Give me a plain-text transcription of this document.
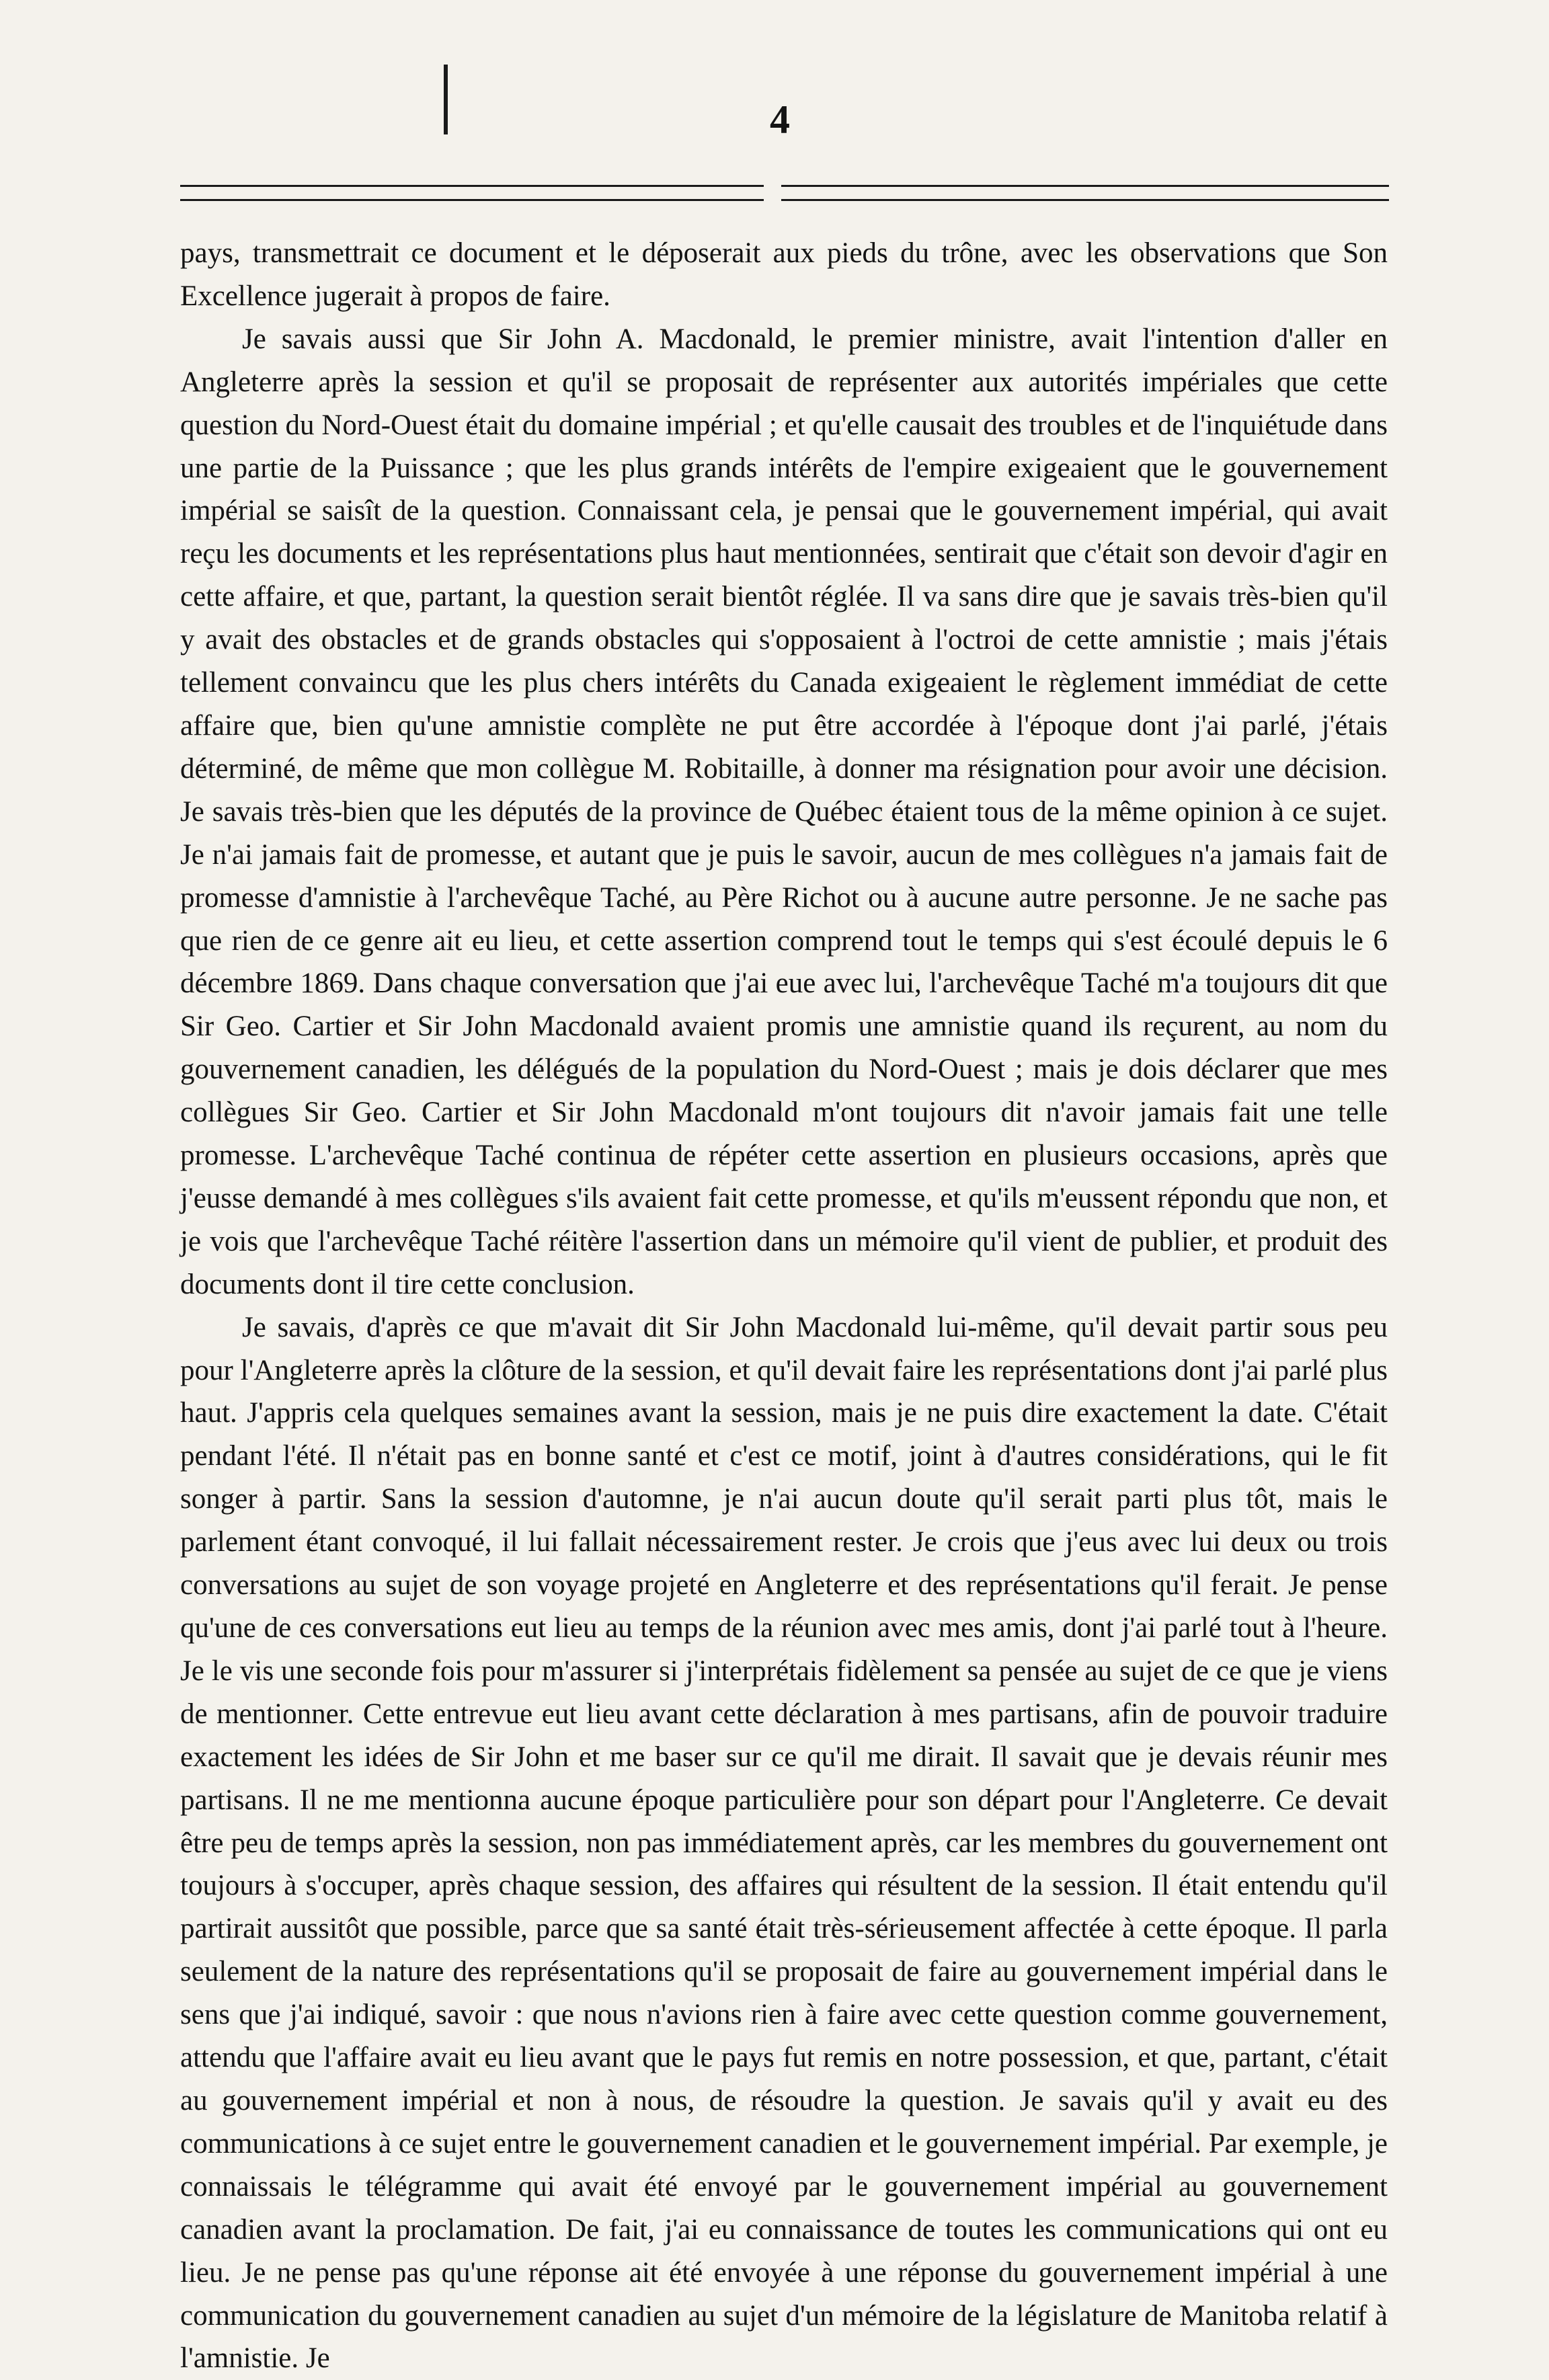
4

pays, transmettrait ce document et le déposerait aux pieds du trône, avec les observations que Son Excellence jugerait à propos de faire.

Je savais aussi que Sir John A. Macdonald, le premier ministre, avait l'intention d'aller en Angleterre après la session et qu'il se proposait de représenter aux autorités impériales que cette question du Nord-Ouest était du domaine impérial ; et qu'elle causait des troubles et de l'inquiétude dans une partie de la Puissance ; que les plus grands intérêts de l'empire exigeaient que le gouvernement impérial se saisît de la question. Connaissant cela, je pensai que le gouvernement impérial, qui avait reçu les documents et les représentations plus haut mentionnées, sentirait que c'était son devoir d'agir en cette affaire, et que, partant, la question serait bientôt réglée. Il va sans dire que je savais très-bien qu'il y avait des obstacles et de grands obstacles qui s'opposaient à l'octroi de cette amnistie ; mais j'étais tellement convaincu que les plus chers intérêts du Canada exigeaient le règlement immédiat de cette affaire que, bien qu'une amnistie complète ne put être accordée à l'époque dont j'ai parlé, j'étais déterminé, de même que mon collègue M. Robitaille, à donner ma résignation pour avoir une décision. Je savais très-bien que les députés de la province de Québec étaient tous de la même opinion à ce sujet. Je n'ai jamais fait de promesse, et autant que je puis le savoir, aucun de mes collègues n'a jamais fait de promesse d'amnistie à l'archevêque Taché, au Père Richot ou à aucune autre personne. Je ne sache pas que rien de ce genre ait eu lieu, et cette assertion comprend tout le temps qui s'est écoulé depuis le 6 décembre 1869. Dans chaque conversation que j'ai eue avec lui, l'archevêque Taché m'a toujours dit que Sir Geo. Cartier et Sir John Macdonald avaient promis une amnistie quand ils reçurent, au nom du gouvernement canadien, les délégués de la population du Nord-Ouest ; mais je dois déclarer que mes collègues Sir Geo. Cartier et Sir John Macdonald m'ont toujours dit n'avoir jamais fait une telle promesse. L'archevêque Taché continua de répéter cette assertion en plusieurs occasions, après que j'eusse demandé à mes collègues s'ils avaient fait cette promesse, et qu'ils m'eussent répondu que non, et je vois que l'archevêque Taché réitère l'assertion dans un mémoire qu'il vient de publier, et produit des documents dont il tire cette conclusion.

Je savais, d'après ce que m'avait dit Sir John Macdonald lui-même, qu'il devait partir sous peu pour l'Angleterre après la clôture de la session, et qu'il devait faire les représentations dont j'ai parlé plus haut. J'appris cela quelques semaines avant la session, mais je ne puis dire exactement la date. C'était pendant l'été. Il n'était pas en bonne santé et c'est ce motif, joint à d'autres considérations, qui le fit songer à partir. Sans la session d'automne, je n'ai aucun doute qu'il serait parti plus tôt, mais le parlement étant convoqué, il lui fallait nécessairement rester. Je crois que j'eus avec lui deux ou trois conversations au sujet de son voyage projeté en Angleterre et des représentations qu'il ferait. Je pense qu'une de ces conversations eut lieu au temps de la réunion avec mes amis, dont j'ai parlé tout à l'heure. Je le vis une seconde fois pour m'assurer si j'interprétais fidèlement sa pensée au sujet de ce que je viens de mentionner. Cette entrevue eut lieu avant cette déclaration à mes partisans, afin de pouvoir traduire exactement les idées de Sir John et me baser sur ce qu'il me dirait. Il savait que je devais réunir mes partisans. Il ne me mentionna aucune époque particulière pour son départ pour l'Angleterre. Ce devait être peu de temps après la session, non pas immédiatement après, car les membres du gouvernement ont toujours à s'occuper, après chaque session, des affaires qui résultent de la session. Il était entendu qu'il partirait aussitôt que possible, parce que sa santé était très-sérieusement affectée à cette époque. Il parla seulement de la nature des représentations qu'il se proposait de faire au gouvernement impérial dans le sens que j'ai indiqué, savoir : que nous n'avions rien à faire avec cette question comme gouvernement, attendu que l'affaire avait eu lieu avant que le pays fut remis en notre possession, et que, partant, c'était au gouvernement impérial et non à nous, de résoudre la question. Je savais qu'il y avait eu des communications à ce sujet entre le gouvernement canadien et le gouvernement impérial. Par exemple, je connaissais le télégramme qui avait été envoyé par le gouvernement impérial au gouvernement canadien avant la proclamation. De fait, j'ai eu connaissance de toutes les communications qui ont eu lieu. Je ne pense pas qu'une réponse ait été envoyée à une réponse du gouvernement impérial à une communication du gouvernement canadien au sujet d'un mémoire de la législature de Manitoba relatif à l'amnistie. Je
